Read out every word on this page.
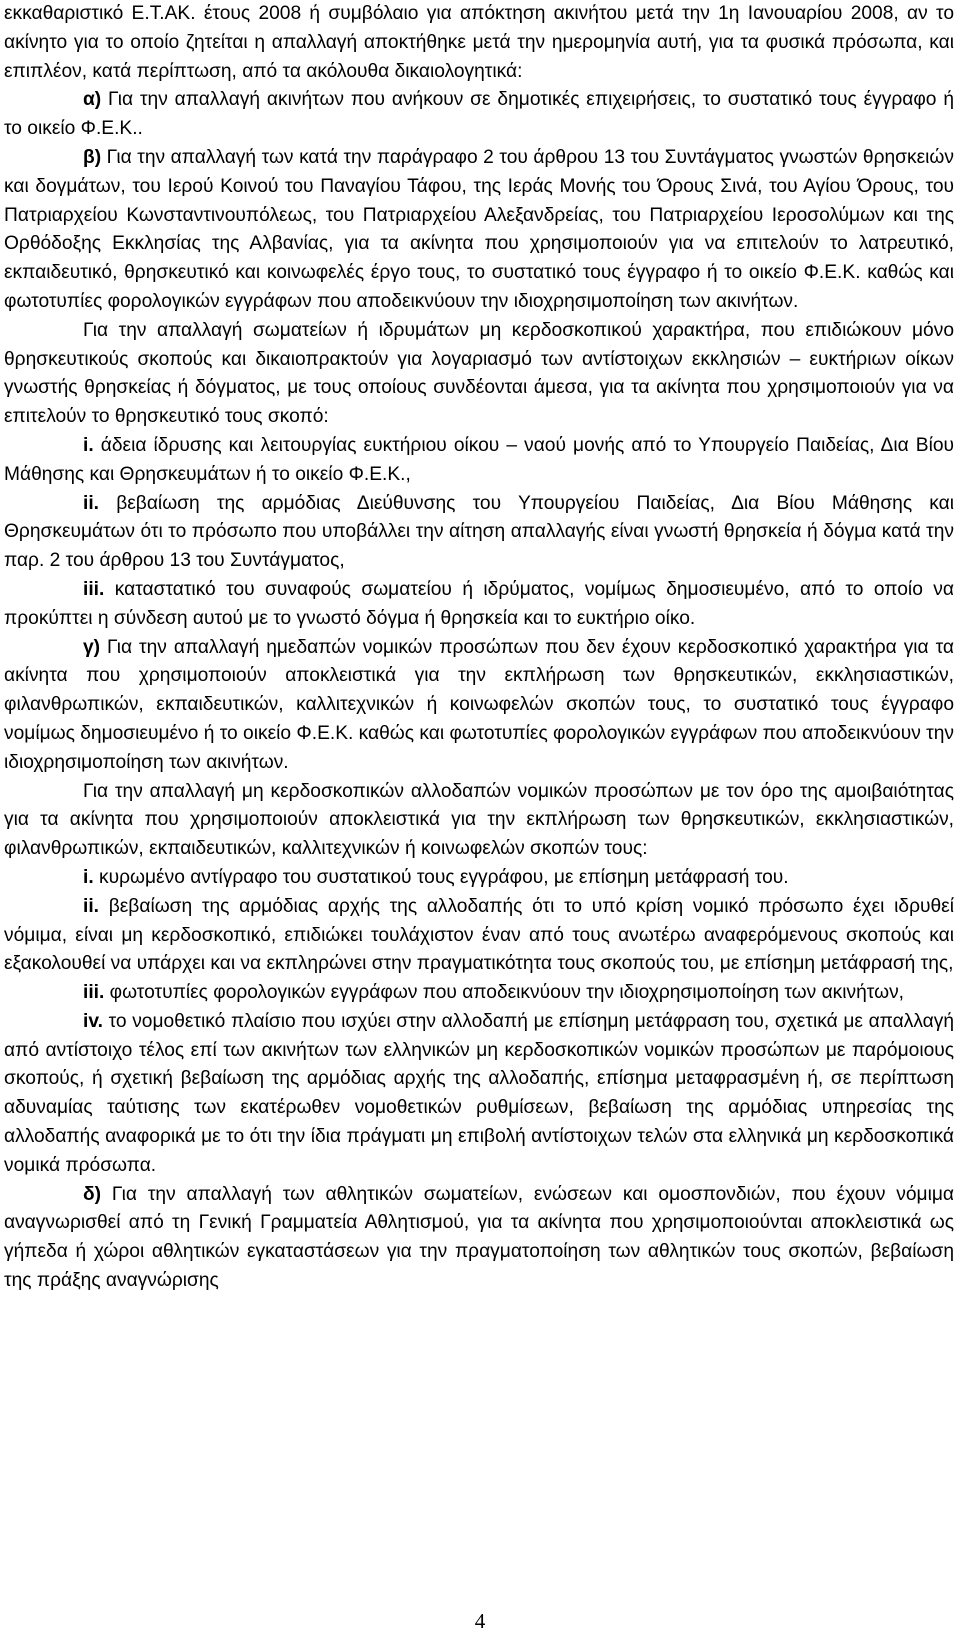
εκκαθαριστικό Ε.Τ.ΑΚ. έτους 2008 ή συμβόλαιο για απόκτηση ακινήτου μετά την 1η Ιανουαρίου 2008, αν το ακίνητο για το οποίο ζητείται η απαλλαγή αποκτήθηκε μετά την ημερομηνία αυτή, για τα φυσικά πρόσωπα, και επιπλέον, κατά περίπτωση, από τα ακόλουθα δικαιολογητικά:

α) Για την απαλλαγή ακινήτων που ανήκουν σε δημοτικές επιχειρήσεις, το συστατικό τους έγγραφο ή το οικείο Φ.Ε.Κ..

β) Για την απαλλαγή των κατά την παράγραφο 2 του άρθρου 13 του Συντάγματος γνωστών θρησκειών και δογμάτων, του Ιερού Κοινού του Παναγίου Τάφου, της Ιεράς Μονής του Όρους Σινά, του Αγίου Όρους, του Πατριαρχείου Κωνσταντινουπόλεως, του Πατριαρχείου Αλεξανδρείας, του Πατριαρχείου Ιεροσολύμων και της Ορθόδοξης Εκκλησίας της Αλβανίας, για τα ακίνητα που χρησιμοποιούν για να επιτελούν το λατρευτικό, εκπαιδευτικό, θρησκευτικό και κοινωφελές έργο τους, το συστατικό τους έγγραφο ή το οικείο Φ.Ε.Κ. καθώς και φωτοτυπίες φορολογικών εγγράφων που αποδεικνύουν την ιδιοχρησιμοποίηση των ακινήτων.

Για την απαλλαγή σωματείων ή ιδρυμάτων μη κερδοσκοπικού χαρακτήρα, που επιδιώκουν μόνο θρησκευτικούς σκοπούς και δικαιοπρακτούν για λογαριασμό των αντίστοιχων εκκλησιών – ευκτήριων οίκων γνωστής θρησκείας ή δόγματος, με τους οποίους συνδέονται άμεσα, για τα ακίνητα που χρησιμοποιούν για να επιτελούν το θρησκευτικό τους σκοπό:

i. άδεια ίδρυσης και λειτουργίας ευκτήριου οίκου – ναού μονής από το Υπουργείο Παιδείας, Δια Βίου Μάθησης και Θρησκευμάτων ή το οικείο Φ.Ε.Κ.,

ii. βεβαίωση της αρμόδιας Διεύθυνσης του Υπουργείου Παιδείας, Δια Βίου Μάθησης και Θρησκευμάτων ότι το πρόσωπο που υποβάλλει την αίτηση απαλλαγής είναι γνωστή θρησκεία ή δόγμα κατά την παρ. 2 του άρθρου 13 του Συντάγματος,

iii. καταστατικό του συναφούς σωματείου ή ιδρύματος, νομίμως δημοσιευμένο, από το οποίο να προκύπτει η σύνδεση αυτού με το γνωστό δόγμα ή θρησκεία και το ευκτήριο οίκο.

γ) Για την απαλλαγή ημεδαπών νομικών προσώπων που δεν έχουν κερδοσκοπικό χαρακτήρα για τα ακίνητα που χρησιμοποιούν αποκλειστικά για την εκπλήρωση των θρησκευτικών, εκκλησιαστικών, φιλανθρωπικών, εκπαιδευτικών, καλλιτεχνικών ή κοινωφελών σκοπών τους, το συστατικό τους έγγραφο νομίμως δημοσιευμένο ή το οικείο Φ.Ε.Κ. καθώς και φωτοτυπίες φορολογικών εγγράφων που αποδεικνύουν την ιδιοχρησιμοποίηση των ακινήτων.

Για την απαλλαγή μη κερδοσκοπικών αλλοδαπών νομικών προσώπων με τον όρο της αμοιβαιότητας για τα ακίνητα που χρησιμοποιούν αποκλειστικά για την εκπλήρωση των θρησκευτικών, εκκλησιαστικών, φιλανθρωπικών, εκπαιδευτικών, καλλιτεχνικών ή κοινωφελών σκοπών τους:

i. κυρωμένο αντίγραφο του συστατικού τους εγγράφου, με επίσημη μετάφρασή του.

ii. βεβαίωση της αρμόδιας αρχής της αλλοδαπής ότι το υπό κρίση νομικό πρόσωπο έχει ιδρυθεί νόμιμα, είναι μη κερδοσκοπικό, επιδιώκει τουλάχιστον έναν από τους ανωτέρω αναφερόμενους σκοπούς και εξακολουθεί να υπάρχει και να εκπληρώνει στην πραγματικότητα τους σκοπούς του, με επίσημη μετάφρασή της,

iii. φωτοτυπίες φορολογικών εγγράφων που αποδεικνύουν την ιδιοχρησιμοποίηση των ακινήτων,

iv. το νομοθετικό πλαίσιο που ισχύει στην αλλοδαπή με επίσημη μετάφραση του, σχετικά με απαλλαγή από αντίστοιχο τέλος επί των ακινήτων των ελληνικών μη κερδοσκοπικών νομικών προσώπων με παρόμοιους σκοπούς, ή σχετική βεβαίωση της αρμόδιας αρχής της αλλοδαπής, επίσημα μεταφρασμένη ή, σε περίπτωση αδυναμίας ταύτισης των εκατέρωθεν νομοθετικών ρυθμίσεων, βεβαίωση της αρμόδιας υπηρεσίας της αλλοδαπής αναφορικά με το ότι την ίδια πράγματι μη επιβολή αντίστοιχων τελών στα ελληνικά μη κερδοσκοπικά νομικά πρόσωπα.

δ) Για την απαλλαγή των αθλητικών σωματείων, ενώσεων και ομοσπονδιών, που έχουν νόμιμα αναγνωρισθεί από τη Γενική Γραμματεία Αθλητισμού, για τα ακίνητα που χρησιμοποιούνται αποκλειστικά ως γήπεδα ή χώροι αθλητικών εγκαταστάσεων για την πραγματοποίηση των αθλητικών τους σκοπών, βεβαίωση της πράξης αναγνώρισης

4
